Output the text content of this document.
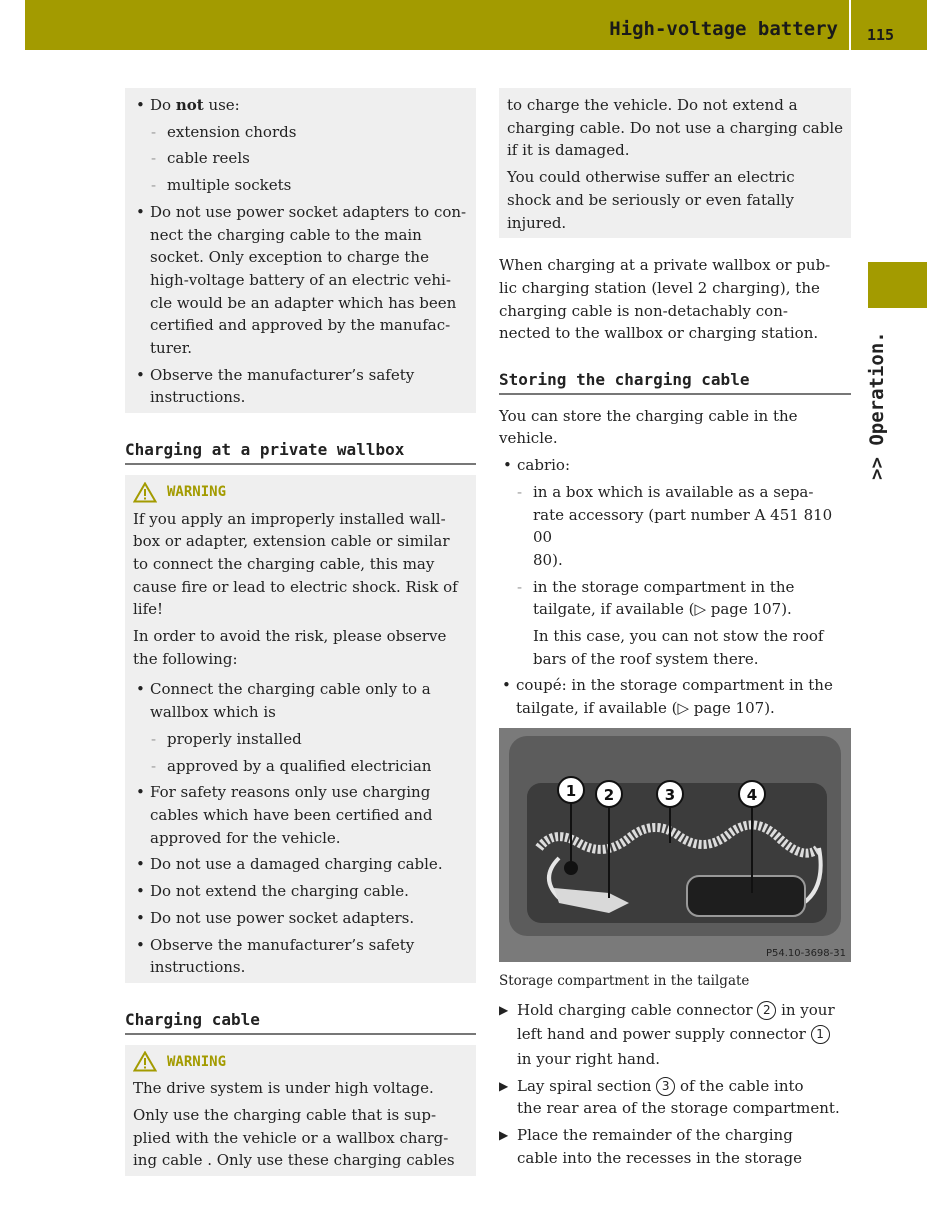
High-voltage battery 115
>> Operation.
• Do not use:
- extension chords
- cable reels
- multiple sockets
• Do not use power socket adapters to con-
nect the charging cable to the main
socket. Only exception to charge the
high-voltage battery of an electric vehi-
cle would be an adapter which has been
certified and approved by the manufac-
turer.
• Observe the manufacturer’s safety
instructions.
Charging at a private wallbox
WARNING

If you apply an improperly installed wall-
box or adapter, extension cable or similar
to connect the charging cable, this may
cause fire or lead to electric shock. Risk of
life!

In order to avoid the risk, please observe
the following:

• Connect the charging cable only to a
wallbox which is
- properly installed
- approved by a qualified electrician
• For safety reasons only use charging
cables which have been certified and
approved for the vehicle.
• Do not use a damaged charging cable.
• Do not extend the charging cable.
• Do not use power socket adapters.
• Observe the manufacturer’s safety
instructions.
Charging cable
WARNING

The drive system is under high voltage.

Only use the charging cable that is sup-
plied with the vehicle or a wallbox charg-
ing cable . Only use these charging cables

to charge the vehicle. Do not extend a
charging cable. Do not use a charging cable
if it is damaged.

You could otherwise suffer an electric
shock and be seriously or even fatally
injured.

When charging at a private wallbox or pub-
lic charging station (level 2 charging), the
charging cable is non-detachably con-
nected to the wallbox or charging station.

Storing the charging cable

You can store the charging cable in the
vehicle.

• cabrio:
- in a box which is available as a sepa-
rate accessory (part number A 451 810 00
80).
- in the storage compartment in the
tailgate, if available (▷ page 107).
In this case, you can not stow the roof
bars of the roof system there.
• coupé: in the storage compartment in the
tailgate, if available (▷ page 107).
1 2	3	4
P54.10-3698-31
Storage compartment in the tailgate
▶ Hold charging cable connector 2 in your
left hand and power supply connector 1
in your right hand.
▶ Lay spiral section 3 of the cable into
the rear area of the storage compartment.
▶ Place the remainder of the charging
cable into the recesses in the storage
